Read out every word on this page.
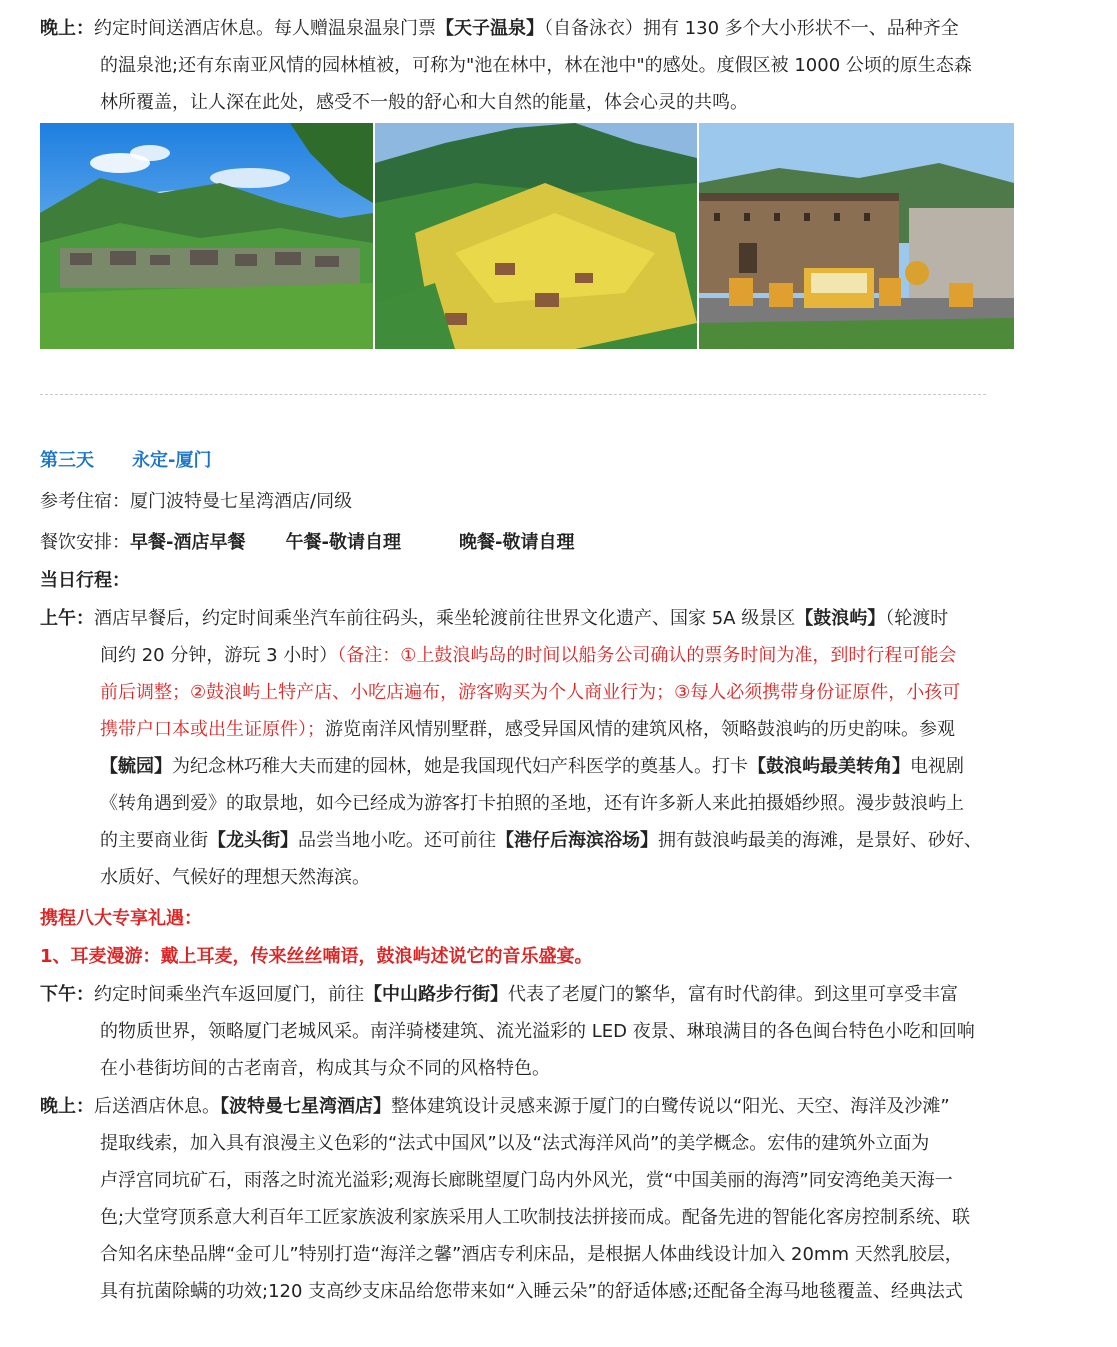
晚上：约定时间送酒店休息。每人赠温泉温泉门票【天子温泉】（自备泳衣）拥有 130 多个大小形状不一、品种齐全
的温泉池;还有东南亚风情的园林植被，可称为"池在林中，林在池中"的感处。度假区被 1000 公顷的原生态森
林所覆盖，让人深在此处，感受不一般的舒心和大自然的能量，体会心灵的共鸣。
第三天 永定-厦门
参考住宿：厦门波特曼七星湾酒店/同级
餐饮安排：早餐-酒店早餐 午餐-敬请自理	晚餐-敬请自理
当日行程：
上午：酒店早餐后，约定时间乘坐汽车前往码头，乘坐轮渡前往世界文化遗产、国家 5A 级景区【鼓浪屿】（轮渡时
间约 20 分钟，游玩 3 小时）（备注：①上鼓浪屿岛的时间以船务公司确认的票务时间为准，到时行程可能会
前后调整；②鼓浪屿上特产店、小吃店遍布，游客购买为个人商业行为；③每人必须携带身份证原件，小孩可
携带户口本或出生证原件）；游览南洋风情别墅群，感受异国风情的建筑风格，领略鼓浪屿的历史韵味。参观
【毓园】为纪念林巧稚大夫而建的园林，她是我国现代妇产科医学的奠基人。打卡【鼓浪屿最美转角】电视剧
《转角遇到爱》的取景地，如今已经成为游客打卡拍照的圣地，还有许多新人来此拍摄婚纱照。漫步鼓浪屿上
的主要商业街【龙头街】品尝当地小吃。还可前往【港仔后海滨浴场】拥有鼓浪屿最美的海滩，是景好、砂好、
水质好、气候好的理想天然海滨。
携程八大专享礼遇：
1、耳麦漫游：戴上耳麦，传来丝丝喃语，鼓浪屿述说它的音乐盛宴。
下午：约定时间乘坐汽车返回厦门，前往【中山路步行街】代表了老厦门的繁华，富有时代韵律。到这里可享受丰富
的物质世界，领略厦门老城风采。南洋骑楼建筑、流光溢彩的 LED 夜景、琳琅满目的各色闽台特色小吃和回响
在小巷街坊间的古老南音，构成其与众不同的风格特色。
晚上：后送酒店休息。【波特曼七星湾酒店】整体建筑设计灵感来源于厦门的白鹭传说以“阳光、天空、海洋及沙滩”
提取线索，加入具有浪漫主义色彩的“法式中国风”以及“法式海洋风尚”的美学概念。宏伟的建筑外立面为
卢浮宫同坑矿石，雨落之时流光溢彩;观海长廊眺望厦门岛内外风光，赏“中国美丽的海湾”同安湾绝美天海一
色;大堂穹顶系意大利百年工匠家族波利家族采用人工吹制技法拼接而成。配备先进的智能化客房控制系统、联
合知名床垫品牌“金可儿”特别打造“海洋之馨”酒店专利床品，是根据人体曲线设计加入 20mm 天然乳胶层，
具有抗菌除螨的功效;120 支高纱支床品给您带来如“入睡云朵”的舒适体感;还配备全海马地毯覆盖、经典法式
